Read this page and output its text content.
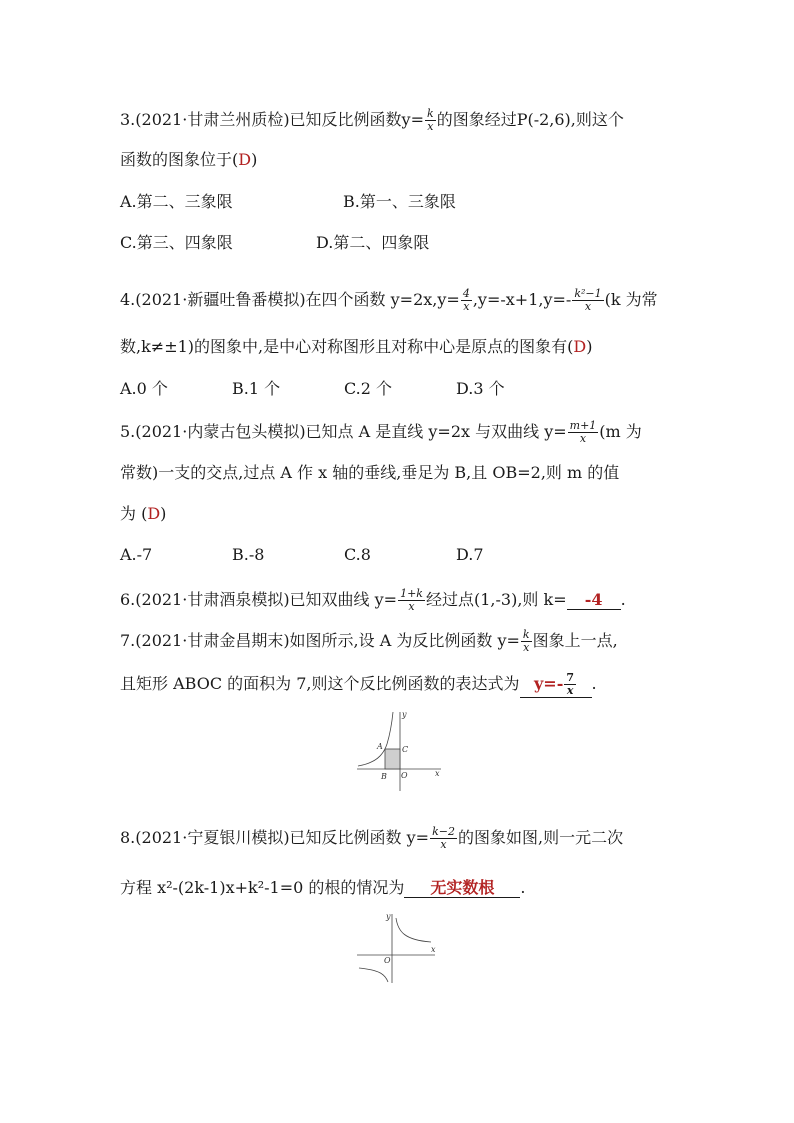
3.(2021·甘肃兰州质检)已知反比例函数$y= \frac{k}{x}$ 的图象经过P(-2,6),则这个
函数的图象位于(D)
A.第二、三象限	B.第一、三象限
C.第三、四象限	D.第二、四象限
4.(2021·新疆吐鲁番模拟)在四个函数 $y=2x,y= \frac{4}{x} ,y=-x+1,y=- \frac{\text{k²−1}}{x} (k$ 为常
数,k≠±1)的图象中,是中心对称图形且对称中心是原点的图象有(D)
A.0 个	B.1 个	C.2 个	D.3 个
5.(2021·内蒙古包头模拟)已知点 A 是直线 y=2x 与双曲线 $y= \frac{m+1}{x} (m$ 为
常数)一支的交点,过点 A 作 x 轴的垂线,垂足为 B,且 OB=2,则 m 的值
为 (D)
A.-7	B.-8	C.8	D.7
6.(2021·甘肃酒泉模拟)已知双曲线 $y= \frac{1+k}{x}$ 经过点(1,-3),则 k= -4 .
7.(2021·甘肃金昌期末)如图所示,设 A 为反比例函数 $y= \frac{k}{x}$ 图象上一点,
且矩形 ABOC 的面积为 7,则这个反比例函数的表达式为 $y=- \frac{7}{x}$ .
y
x
A
B
C
O
8.(2021·宁夏银川模拟)已知反比例函数 $y= \frac{k-2}{x}$ 的图象如图,则一元二次
方程 x²-(2k-1)x+k²-1=0 的根的情况为 无实数根 .
y
x
O
